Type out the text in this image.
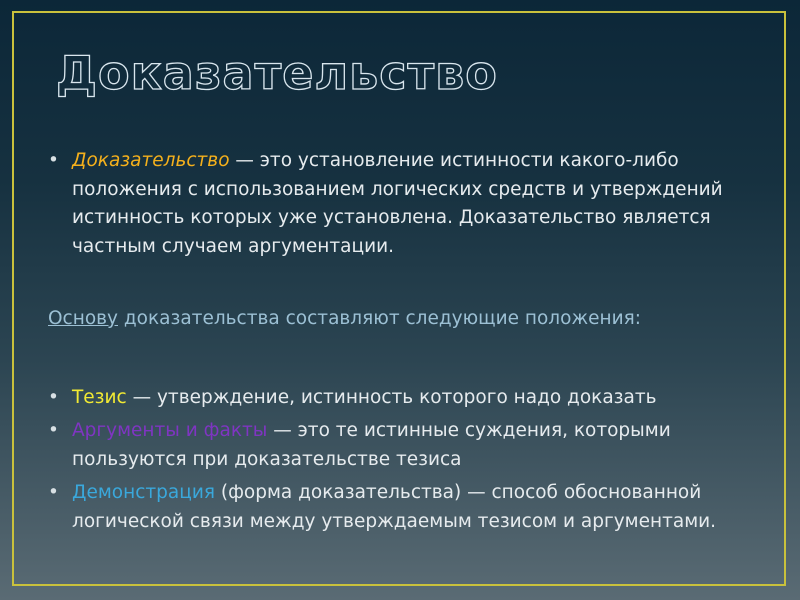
Доказательство
• Доказательство — это установление истинности какого-либо положения с использованием логических средств и утверждений истинность которых уже установлена. Доказательство является частным случаем аргументации.
Основу доказательства составляют следующие положения:
• Тезис — утверждение, истинность которого надо доказать
• Аргументы и факты — это те истинные суждения, которыми пользуются при доказательстве тезиса
• Демонстрация (форма доказательства) — способ обоснованной логической связи между утверждаемым тезисом и аргументами.
